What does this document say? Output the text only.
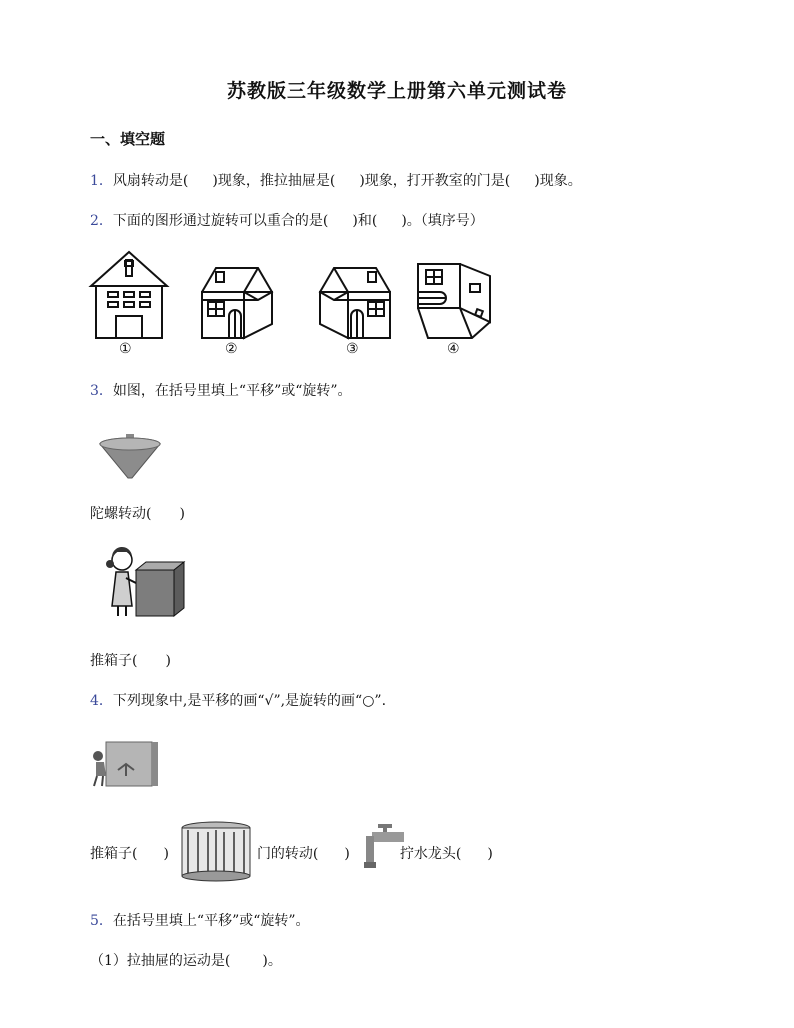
苏教版三年级数学上册第六单元测试卷
一、填空题
1．风扇转动是( )现象，推拉抽屉是( )现象，打开教室的门是( )现象。
2．下面的图形通过旋转可以重合的是( )和( )。（填序号）
①	②	③	④
3．如图，在括号里填上“平移”或“旋转”。
陀螺转动( )
推箱子( )
4．下列现象中,是平移的画“√”,是旋转的画“○”.
推箱子( )	门的转动( )	拧水龙头( )
5．在括号里填上“平移”或“旋转”。
（1）拉抽屉的运动是( )。
